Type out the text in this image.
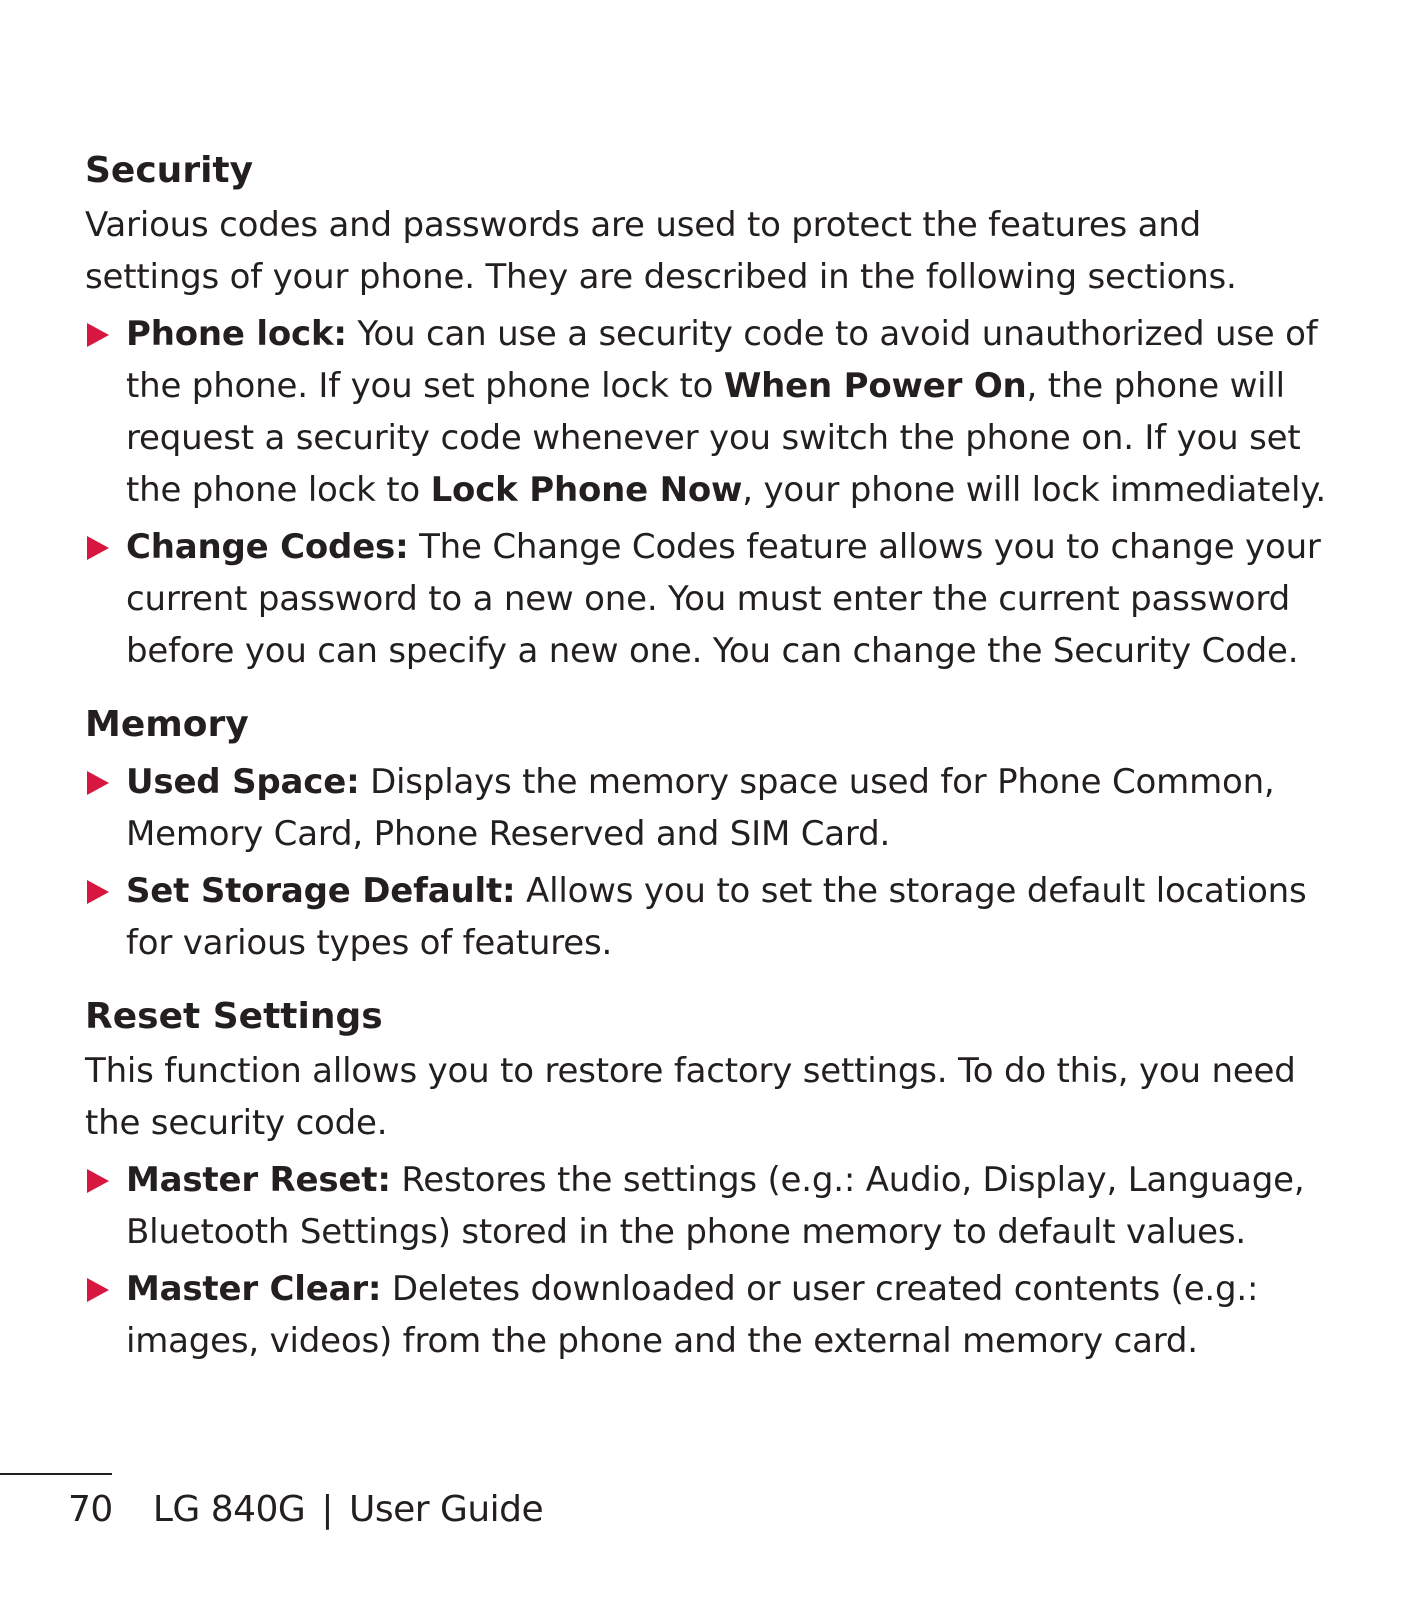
Security

Various codes and passwords are used to protect the features and settings of your phone. They are described in the following sections.

Phone lock: You can use a security code to avoid unauthorized use of the phone. If you set phone lock to When Power On, the phone will request a security code whenever you switch the phone on. If you set the phone lock to Lock Phone Now, your phone will lock immediately.
Change Codes: The Change Codes feature allows you to change your current password to a new one. You must enter the current password before you can specify a new one. You can change the Security Code.
Memory
Used Space: Displays the memory space used for Phone Common, Memory Card, Phone Reserved and SIM Card.
Set Storage Default: Allows you to set the storage default locations for various types of features.
Reset Settings

This function allows you to restore factory settings. To do this, you need the security code.

Master Reset: Restores the settings (e.g.: Audio, Display, Language, Bluetooth Settings) stored in the phone memory to default values.
Master Clear: Deletes downloaded or user created contents (e.g.: images, videos) from the phone and the external memory card.
70 LG 840G | User Guide
